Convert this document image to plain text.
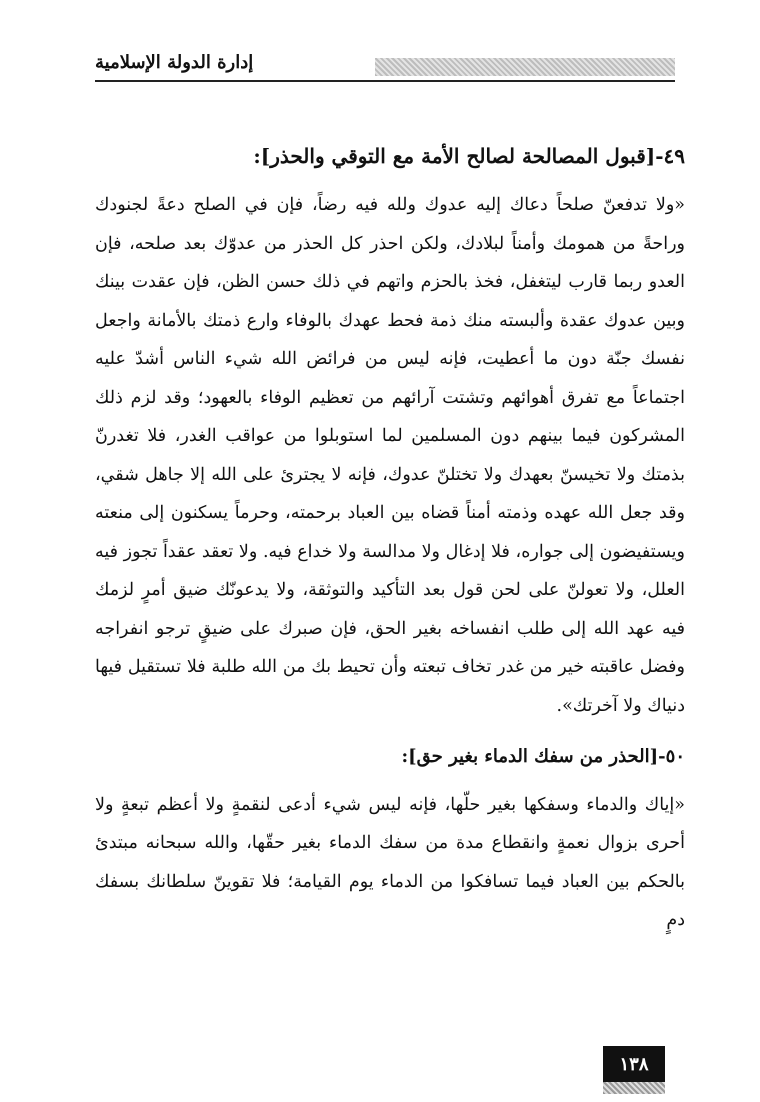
إدارة الدولة الإسلامية
٤٩-[قبول المصالحة لصالح الأمة مع التوقي والحذر]:

«ولا تدفعنّ صلحاً دعاك إليه عدوك ولله فيه رضاً، فإن في الصلح دعةً لجنودك وراحةً من همومك وأمناً لبلادك، ولكن احذر كل الحذر من عدوّك بعد صلحه، فإن العدو ربما قارب ليتغفل، فخذ بالحزم واتهم في ذلك حسن الظن، فإن عقدت بينك وبين عدوك عقدة وألبسته منك ذمة فحط عهدك بالوفاء وارع ذمتك بالأمانة واجعل نفسك جنّة دون ما أعطيت، فإنه ليس من فرائض الله شيء الناس أشدّ عليه اجتماعاً مع تفرق أهوائهم وتشتت آرائهم من تعظيم الوفاء بالعهود؛ وقد لزم ذلك المشركون فيما بينهم دون المسلمين لما استوبلوا من عواقب الغدر، فلا تغدرنّ بذمتك ولا تخيسنّ بعهدك ولا تختلنّ عدوك، فإنه لا يجترئ على الله إلا جاهل شقي، وقد جعل الله عهده وذمته أمناً قضاه بين العباد برحمته، وحرماً يسكنون إلى منعته ويستفيضون إلى جواره، فلا إدغال ولا مدالسة ولا خداع فيه. ولا تعقد عقداً تجوز فيه العلل، ولا تعولنّ على لحن قول بعد التأكيد والتوثقة، ولا يدعونّك ضيق أمرٍ لزمك فيه عهد الله إلى طلب انفساخه بغير الحق، فإن صبرك على ضيقٍ ترجو انفراجه وفضل عاقبته خير من غدر تخاف تبعته وأن تحيط بك من الله طلبة فلا تستقيل فيها دنياك ولا آخرتك».

٥٠-[الحذر من سفك الدماء بغير حق]:

«إياك والدماء وسفكها بغير حلّها، فإنه ليس شيء أدعى لنقمةٍ ولا أعظم تبعةٍ ولا أحرى بزوال نعمةٍ وانقطاع مدة من سفك الدماء بغير حقّها، والله سبحانه مبتدئ بالحكم بين العباد فيما تسافكوا من الدماء يوم القيامة؛ فلا تقوينّ سلطانك بسفك دمٍ

١٣٨
